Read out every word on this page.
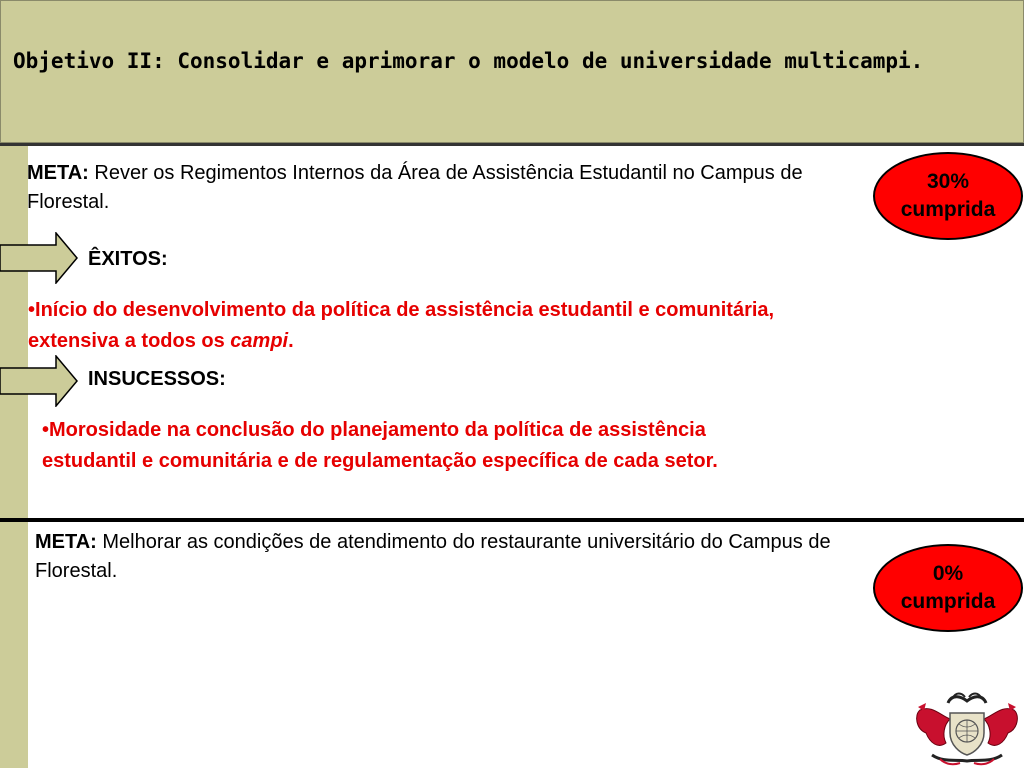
Objetivo II: Consolidar e aprimorar o modelo de universidade multicampi.
META: Rever os Regimentos Internos da Área de Assistência Estudantil no Campus de Florestal.
30%
cumprida
ÊXITOS:
•Início do desenvolvimento da política de assistência estudantil e comunitária, extensiva a todos os campi.
INSUCESSOS:
•Morosidade na conclusão do planejamento da política de assistência estudantil e comunitária e de regulamentação específica de cada setor.
META: Melhorar as condições de atendimento do restaurante universitário do Campus de Florestal.	0%
cumprida
